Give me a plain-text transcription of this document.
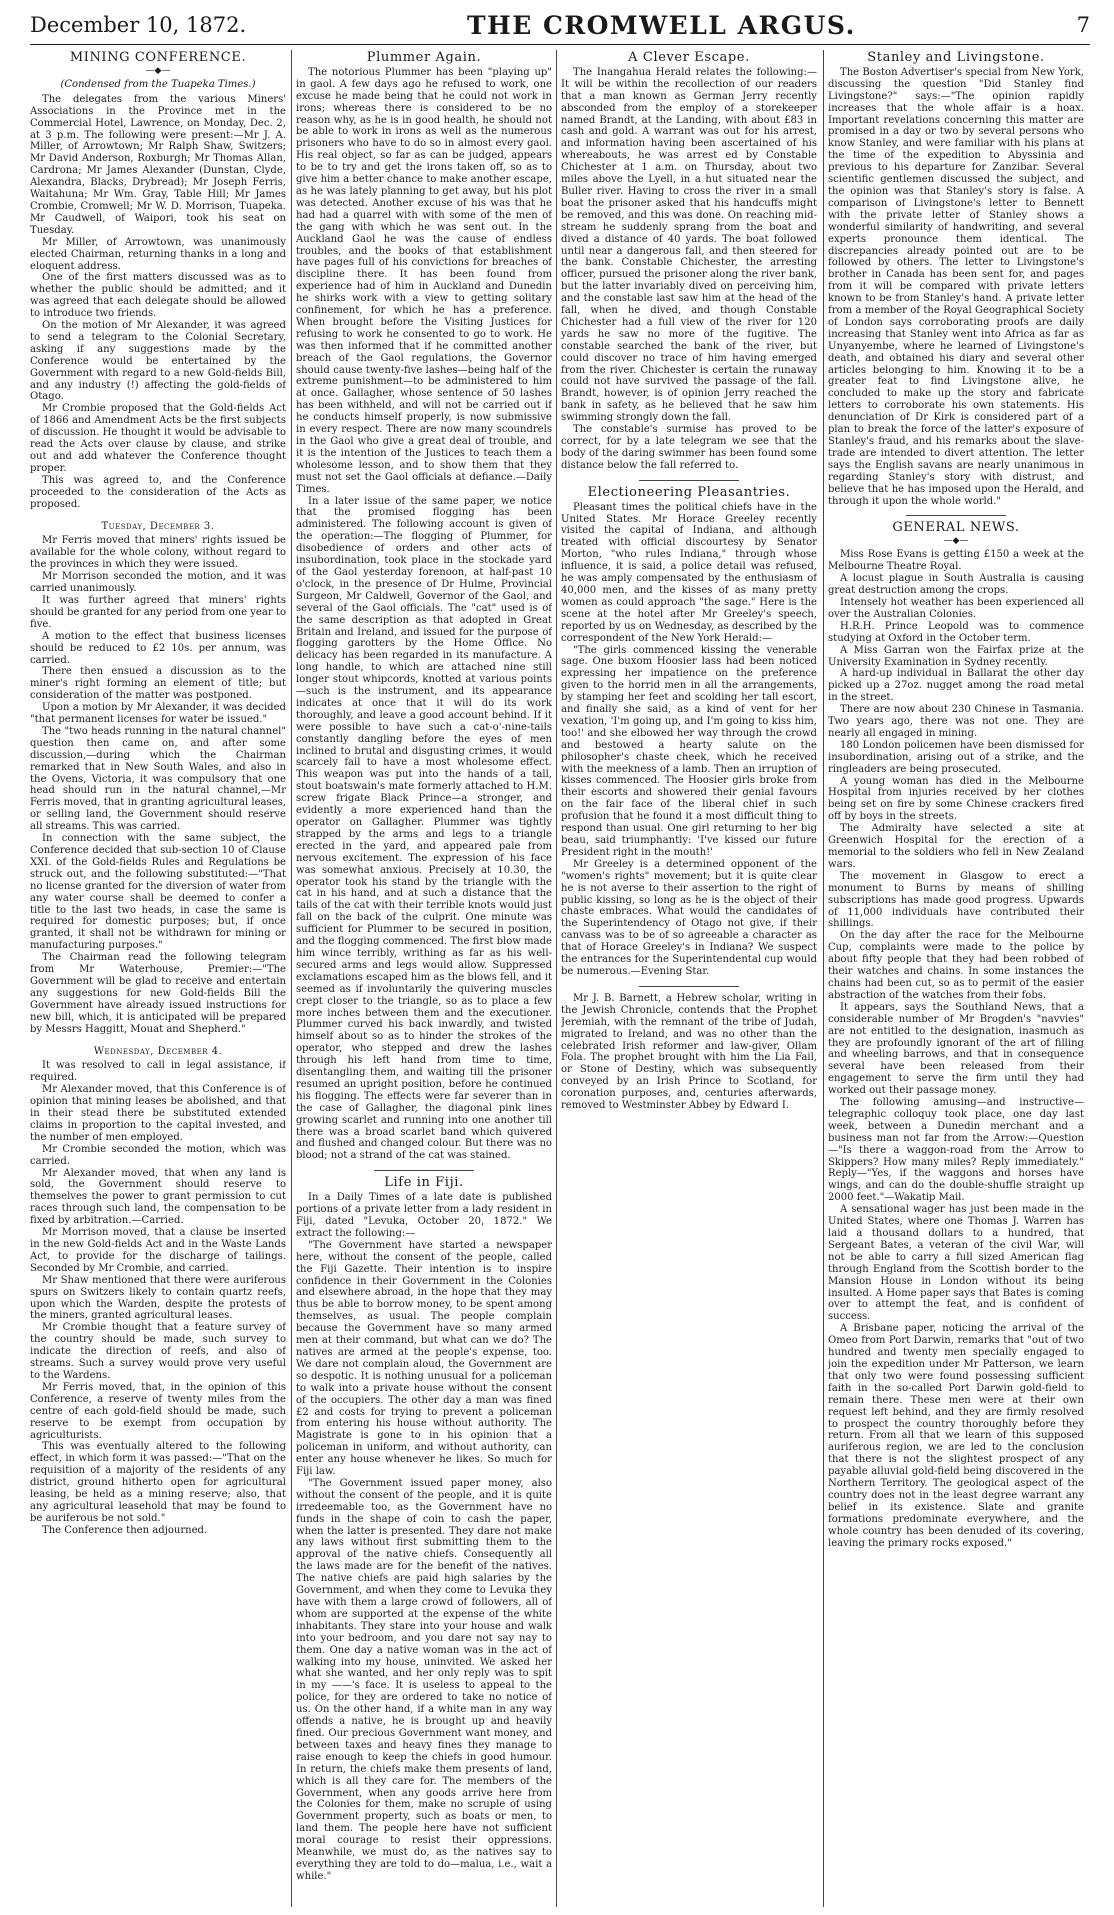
December 10, 1872.	THE CROMWELL ARGUS.	7
MINING CONFERENCE.
—◆—
(Condensed from the Tuapeka Times.)

The delegates from the various Miners' Associations in the Province met in the Commercial Hotel, Lawrence, on Monday, Dec. 2, at 3 p.m. The following were present:—Mr J. A. Miller, of Arrowtown; Mr Ralph Shaw, Switzers; Mr David Anderson, Roxburgh; Mr Thomas Allan, Cardrona; Mr James Alexander (Dunstan, Clyde, Alexandra, Blacks, Drybread); Mr Joseph Ferris, Waitahuna; Mr Wm. Gray, Table Hill; Mr James Crombie, Cromwell; Mr W. D. Morrison, Tuapeka. Mr Caudwell, of Waipori, took his seat on Tuesday.

Mr Miller, of Arrowtown, was unanimously elected Chairman, returning thanks in a long and eloquent address.

One of the first matters discussed was as to whether the public should be admitted; and it was agreed that each delegate should be allowed to introduce two friends.

On the motion of Mr Alexander, it was agreed to send a telegram to the Colonial Secretary, asking if any suggestions made by the Conference would be entertained by the Government with regard to a new Gold-fields Bill, and any industry (!) affecting the gold-fields of Otago.

Mr Crombie proposed that the Gold-fields Act of 1866 and Amendment Acts be the first subjects of discussion. He thought it would be advisable to read the Acts over clause by clause, and strike out and add whatever the Conference thought proper.

This was agreed to, and the Conference proceeded to the consideration of the Acts as proposed.

Tuesday, December 3.

Mr Ferris moved that miners' rights issued be available for the whole colony, without regard to the provinces in which they were issued.

Mr Morrison seconded the motion, and it was carried unanimously.

It was further agreed that miners' rights should be granted for any period from one year to five.

A motion to the effect that business licenses should be reduced to £2 10s. per annum, was carried.

There then ensued a discussion as to the miner's right forming an element of title; but consideration of the matter was postponed.

Upon a motion by Mr Alexander, it was decided "that permanent licenses for water be issued."

The "two heads running in the natural channel" question then came on, and after some discussion,—during which the Chairman remarked that in New South Wales, and also in the Ovens, Victoria, it was compulsory that one head should run in the natural channel,—Mr Ferris moved, that in granting agricultural leases, or selling land, the Government should reserve all streams. This was carried.

In connection with the same subject, the Conference decided that sub-section 10 of Clause XXI. of the Gold-fields Rules and Regulations be struck out, and the following substituted:—"That no license granted for the diversion of water from any water course shall be deemed to confer a title to the last two heads, in case the same is required for domestic purposes; but, if once granted, it shall not be withdrawn for mining or manufacturing purposes."

The Chairman read the following telegram from Mr Waterhouse, Premier:—"The Government will be glad to receive and entertain any suggestions for new Gold-fields Bill the Government have already issued instructions for new bill, which, it is anticipated will be prepared by Messrs Haggitt, Mouat and Shepherd."

Wednesday, December 4.

It was resolved to call in legal assistance, if required.

Mr Alexander moved, that this Conference is of opinion that mining leases be abolished, and that in their stead there be substituted extended claims in proportion to the capital invested, and the number of men employed.

Mr Crombie seconded the motion, which was carried.

Mr Alexander moved, that when any land is sold, the Government should reserve to themselves the power to grant permission to cut races through such land, the compensation to be fixed by arbitration.—Carried.

Mr Morrison moved, that a clause be inserted in the new Gold-fields Act and in the Waste Lands Act, to provide for the discharge of tailings. Seconded by Mr Crombie, and carried.

Mr Shaw mentioned that there were auriferous spurs on Switzers likely to contain quartz reefs, upon which the Warden, despite the protests of the miners, granted agricultural leases.

Mr Crombie thought that a feature survey of the country should be made, such survey to indicate the direction of reefs, and also of streams. Such a survey would prove very useful to the Wardens.

Mr Ferris moved, that, in the opinion of this Conference, a reserve of twenty miles from the centre of each gold-field should be made, such reserve to be exempt from occupation by agriculturists.

This was eventually altered to the following effect, in which form it was passed:—"That on the requisition of a majority of the residents of any district, ground hitherto open for agricultural leasing, be held as a mining reserve; also, that any agricultural leasehold that may be found to be auriferous be not sold."

The Conference then adjourned.

Plummer Again.

The notorious Plummer has been "playing up" in gaol. A few days ago he refused to work, one excuse he made being that he could not work in irons; whereas there is considered to be no reason why, as he is in good health, he should not be able to work in irons as well as the numerous prisoners who have to do so in almost every gaol. His real object, so far as can be judged, appears to be to try and get the irons taken off, so as to give him a better chance to make another escape, as he was lately planning to get away, but his plot was detected. Another excuse of his was that he had had a quarrel with with some of the men of the gang with which he was sent out. In the Auckland Gaol he was the cause of endless troubles, and the books of that establishment have pages full of his convictions for breaches of discipline there. It has been found from experience had of him in Auckland and Dunedin he shirks work with a view to getting solitary confinement, for which he has a preference. When brought before the Visiting Justices for refusing to work he consented to go to work. He was then informed that if he committed another breach of the Gaol regulations, the Governor should cause twenty-five lashes—being half of the extreme punishment—to be administered to him at once. Gallagher, whose sentence of 50 lashes has been withheld, and will not be carried out if he conducts himself properly, is now submissive in every respect. There are now many scoundrels in the Gaol who give a great deal of trouble, and it is the intention of the Justices to teach them a wholesome lesson, and to show them that they must not set the Gaol officials at defiance.—Daily Times.

In a later issue of the same paper, we notice that the promised flogging has been administered. The following account is given of the operation:—The flogging of Plummer, for disobedience of orders and other acts of insubordination, took place in the stockade yard of the Gaol yesterday forenoon, at half-past 10 o'clock, in the presence of Dr Hulme, Provincial Surgeon, Mr Caldwell, Governor of the Gaol, and several of the Gaol officials. The "cat" used is of the same description as that adopted in Great Britain and Ireland, and issued for the purpose of flogging garotters by the Home Office. No delicacy has been regarded in its manufacture. A long handle, to which are attached nine still longer stout whipcords, knotted at various points—such is the instrument, and its appearance indicates at once that it will do its work thoroughly, and leave a good account behind. If it were possible to have such a cat-o'-nine-tails constantly dangling before the eyes of men inclined to brutal and disgusting crimes, it would scarcely fail to have a most wholesome effect. This weapon was put into the hands of a tall, stout boatswain's mate formerly attached to H.M. screw frigate Black Prince—a stronger, and evidently a more experienced hand than the operator on Gallagher. Plummer was tightly strapped by the arms and legs to a triangle erected in the yard, and appeared pale from nervous excitement. The expression of his face was somewhat anxious. Precisely at 10.30, the operator took his stand by the triangle with the cat in his hand, and at such a distance that the tails of the cat with their terrible knots would just fall on the back of the culprit. One minute was sufficient for Plummer to be secured in position, and the flogging commenced. The first blow made him wince terribly, writhing as far as his well-secured arms and legs would allow. Suppressed exclamations escaped him as the blows fell, and it seemed as if involuntarily the quivering muscles crept closer to the triangle, so as to place a few more inches between them and the executioner. Plummer curved his back inwardly, and twisted himself about so as to hinder the strokes of the operator, who stepped and drew the lashes through his left hand from time to time, disentangling them, and waiting till the prisoner resumed an upright position, before he continued his flogging. The effects were far severer than in the case of Gallagher, the diagonal pink lines growing scarlet and running into one another till there was a broad scarlet band which quivered and flushed and changed colour. But there was no blood; not a strand of the cat was stained.

Life in Fiji.

In a Daily Times of a late date is published portions of a private letter from a lady resident in Fiji, dated "Levuka, October 20, 1872." We extract the following:—

"The Government have started a newspaper here, without the consent of the people, called the Fiji Gazette. Their intention is to inspire confidence in their Government in the Colonies and elsewhere abroad, in the hope that they may thus be able to borrow money, to be spent among themselves, as usual. The people complain because the Government have so many armed men at their command, but what can we do? The natives are armed at the people's expense, too. We dare not complain aloud, the Government are so despotic. It is nothing unusual for a policeman to walk into a private house without the consent of the occupiers. The other day a man was fined £2 and costs for trying to prevent a policeman from entering his house without authority. The Magistrate is gone to in his opinion that a policeman in uniform, and without authority, can enter any house whenever he likes. So much for Fiji law.

"The Government issued paper money, also without the consent of the people, and it is quite irredeemable too, as the Government have no funds in the shape of coin to cash the paper, when the latter is presented. They dare not make any laws without first submitting them to the approval of the native chiefs. Consequently all the laws made are for the benefit of the natives. The native chiefs are paid high salaries by the Government, and when they come to Levuka they have with them a large crowd of followers, all of whom are supported at the expense of the white inhabitants. They stare into your house and walk into your bedroom, and you dare not say nay to them. One day a native woman was in the act of walking into my house, uninvited. We asked her what she wanted, and her only reply was to spit in my ——'s face. It is useless to appeal to the police, for they are ordered to take no notice of us. On the other hand, if a white man in any way offends a native, he is brought up and heavily fined. Our precious Government want money, and between taxes and heavy fines they manage to raise enough to keep the chiefs in good humour. In return, the chiefs make them presents of land, which is all they care for. The members of the Government, when any goods arrive here from the Colonies for them, make no scruple of using Government property, such as boats or men, to land them. The people here have not sufficient moral courage to resist their oppressions. Meanwhile, we must do, as the natives say to everything they are told to do—malua, i.e., wait a while."

A Clever Escape.

The Inangahua Herald relates the following:—It will be within the recollection of our readers that a man known as German Jerry recently absconded from the employ of a storekeeper named Brandt, at the Landing, with about £83 in cash and gold. A warrant was out for his arrest, and information having been ascertained of his whereabouts, he was arrest ed by Constable Chichester at 1 a.m. on Thursday, about two miles above the Lyell, in a hut situated near the Buller river. Having to cross the river in a small boat the prisoner asked that his handcuffs might be removed, and this was done. On reaching mid-stream he suddenly sprang from the boat and dived a distance of 40 yards. The boat followed until near a dangerous fall, and then steered for the bank. Constable Chichester, the arresting officer, pursued the prisoner along the river bank, but the latter invariably dived on perceiving him, and the constable last saw him at the head of the fall, when he dived, and though Constable Chichester had a full view of the river for 120 yards he saw no more of the fugitive. The constable searched the bank of the river, but could discover no trace of him having emerged from the river. Chichester is certain the runaway could not have survived the passage of the fall. Brandt, however, is of opinion Jerry reached the bank in safety, as he believed that he saw him swimming strongly down the fall.

The constable's surmise has proved to be correct, for by a late telegram we see that the body of the daring swimmer has been found some distance below the fall referred to.

Electioneering Pleasantries.

Pleasant times the political chiefs have in the United States. Mr Horace Greeley recently visited the capital of Indiana, and although treated with official discourtesy by Senator Morton, "who rules Indiana," through whose influence, it is said, a police detail was refused, he was amply compensated by the enthusiasm of 40,000 men, and the kisses of as many pretty women as could approach "the sage." Here is the scene at the hotel after Mr Greeley's speech, reported by us on Wednesday, as described by the correspondent of the New York Herald:—

"The girls commenced kissing the venerable sage. One buxom Hoosier lass had been noticed expressing her impatience on the preference given to the horrid men in all the arrangements, by stamping her feet and scolding her tall escort, and finally she said, as a kind of vent for her vexation, 'I'm going up, and I'm going to kiss him, too!' and she elbowed her way through the crowd and bestowed a hearty salute on the philosopher's chaste cheek, which he received with the meekness of a lamb. Then an irruption of kisses commenced. The Hoosier girls broke from their escorts and showered their genial favours on the fair face of the liberal chief in such profusion that he found it a most difficult thing to respond than usual. One girl returning to her big beau, said triumphantly: 'I've kissed our future President right in the mouth!'

Mr Greeley is a determined opponent of the "women's rights" movement; but it is quite clear he is not averse to their assertion to the right of public kissing, so long as he is the object of their chaste embraces. What would the candidates of the Superintendency of Otago not give, if their canvass was to be of so agreeable a character as that of Horace Greeley's in Indiana? We suspect the entrances for the Superintendental cup would be numerous.—Evening Star.

Mr J. B. Barnett, a Hebrew scholar, writing in the Jewish Chronicle, contends that the Prophet Jeremiah, with the remnant of the tribe of Judah, migrated to Ireland, and was no other than the celebrated Irish reformer and law-giver, Ollam Fola. The prophet brought with him the Lia Fail, or Stone of Destiny, which was subsequently conveyed by an Irish Prince to Scotland, for coronation purposes, and, centuries afterwards, removed to Westminster Abbey by Edward I.

Stanley and Livingstone.

The Boston Advertiser's special from New York, discussing the question "Did Stanley find Livingstone?" says:—"The opinion rapidly increases that the whole affair is a hoax. Important revelations concerning this matter are promised in a day or two by several persons who know Stanley, and were familiar with his plans at the time of the expedition to Abyssinia and previous to his departure for Zanzibar. Several scientific gentlemen discussed the subject, and the opinion was that Stanley's story is false. A comparison of Livingstone's letter to Bennett with the private letter of Stanley shows a wonderful similarity of handwriting, and several experts pronounce them identical. The discrepancies already pointed out are to be followed by others. The letter to Livingstone's brother in Canada has been sent for, and pages from it will be compared with private letters known to be from Stanley's hand. A private letter from a member of the Royal Geographical Society of London says corroborating proofs are daily increasing that Stanley went into Africa as far as Unyanyembe, where he learned of Livingstone's death, and obtained his diary and several other articles belonging to him. Knowing it to be a greater feat to find Livingstone alive, he concluded to make up the story and fabricate letters to corroborate his own statements. His denunciation of Dr Kirk is considered part of a plan to break the force of the latter's exposure of Stanley's fraud, and his remarks about the slave-trade are intended to divert attention. The letter says the English savans are nearly unanimous in regarding Stanley's story with distrust, and believe that he has imposed upon the Herald, and through it upon the whole world."

GENERAL NEWS.
—◆—

Miss Rose Evans is getting £150 a week at the Melbourne Theatre Royal.

A locust plague in South Australia is causing great destruction among the crops.

Intensely hot weather has been experienced all over the Australian Colonies.

H.R.H. Prince Leopold was to commence studying at Oxford in the October term.

A Miss Garran won the Fairfax prize at the University Examination in Sydney recently.

A hard-up individual in Ballarat the other day picked up a 27oz. nugget among the road metal in the street.

There are now about 230 Chinese in Tasmania. Two years ago, there was not one. They are nearly all engaged in mining.

180 London policemen have been dismissed for insubordination, arising out of a strike, and the ringleaders are being prosecuted.

A young woman has died in the Melbourne Hospital from injuries received by her clothes being set on fire by some Chinese crackers fired off by boys in the streets.

The Admiralty have selected a site at Greenwich Hospital for the erection of a memorial to the soldiers who fell in New Zealand wars.

The movement in Glasgow to erect a monument to Burns by means of shilling subscriptions has made good progress. Upwards of 11,000 individuals have contributed their shillings.

On the day after the race for the Melbourne Cup, complaints were made to the police by about fifty people that they had been robbed of their watches and chains. In some instances the chains had been cut, so as to permit of the easier abstraction of the watches from their fobs.

It appears, says the Southland News, that a considerable number of Mr Brogden's "navvies" are not entitled to the designation, inasmuch as they are profoundly ignorant of the art of filling and wheeling barrows, and that in consequence several have been released from their engagement to serve the firm until they had worked out their passage money.

The following amusing—and instructive—telegraphic colloquy took place, one day last week, between a Dunedin merchant and a business man not far from the Arrow:—Question—"Is there a waggon-road from the Arrow to Skippers? How many miles? Reply immediately." Reply—"Yes, if the waggons and horses have wings, and can do the double-shuffle straight up 2000 feet."—Wakatip Mail.

A sensational wager has just been made in the United States, where one Thomas J. Warren has laid a thousand dollars to a hundred, that Sergeant Bates, a veteran of the civil War, will not be able to carry a full sized American flag through England from the Scottish border to the Mansion House in London without its being insulted. A Home paper says that Bates is coming over to attempt the feat, and is confident of success.

A Brisbane paper, noticing the arrival of the Omeo from Port Darwin, remarks that "out of two hundred and twenty men specially engaged to join the expedition under Mr Patterson, we learn that only two were found possessing sufficient faith in the so-called Port Darwin gold-field to remain there. These men were at their own request left behind, and they are firmly resolved to prospect the country thoroughly before they return. From all that we learn of this supposed auriferous region, we are led to the conclusion that there is not the slightest prospect of any payable alluvial gold-field being discovered in the Northern Territory. The geological aspect of the country does not in the least degree warrant any belief in its existence. Slate and granite formations predominate everywhere, and the whole country has been denuded of its covering, leaving the primary rocks exposed."
